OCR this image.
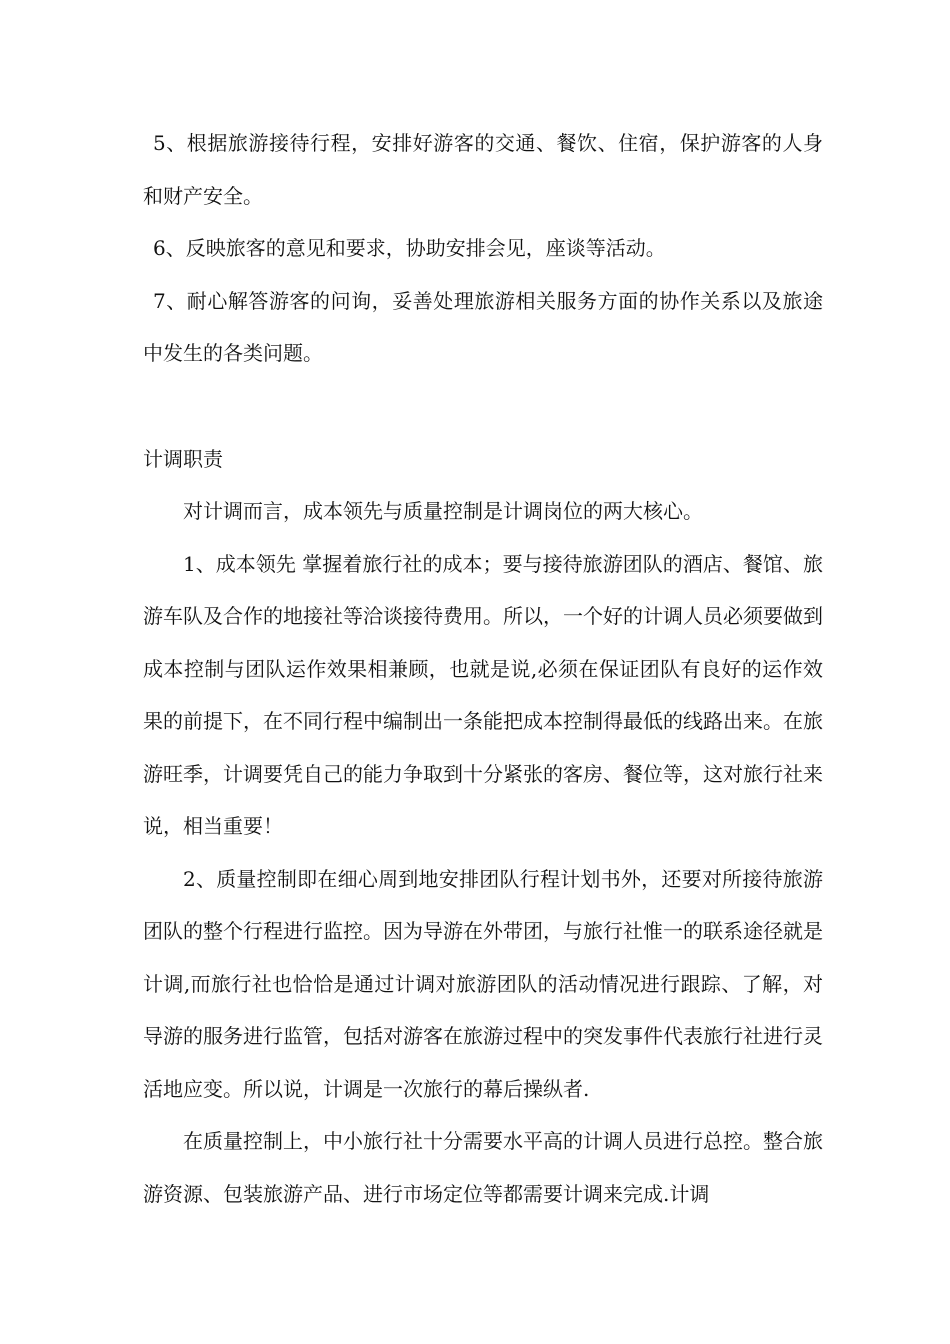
5、根据旅游接待行程，安排好游客的交通、餐饮、住宿，保护游客的人身和财产安全。

6、反映旅客的意见和要求，协助安排会见，座谈等活动。

7、耐心解答游客的问询，妥善处理旅游相关服务方面的协作关系以及旅途中发生的各类问题。

计调职责

对计调而言，成本领先与质量控制是计调岗位的两大核心。

1、成本领先 掌握着旅行社的成本；要与接待旅游团队的酒店、餐馆、旅游车队及合作的地接社等洽谈接待费用。所以，一个好的计调人员必须要做到成本控制与团队运作效果相兼顾，也就是说,必须在保证团队有良好的运作效果的前提下，在不同行程中编制出一条能把成本控制得最低的线路出来。在旅游旺季，计调要凭自己的能力争取到十分紧张的客房、餐位等，这对旅行社来说，相当重要！

2、质量控制即在细心周到地安排团队行程计划书外，还要对所接待旅游团队的整个行程进行监控。因为导游在外带团，与旅行社惟一的联系途径就是计调,而旅行社也恰恰是通过计调对旅游团队的活动情况进行跟踪、了解，对导游的服务进行监管，包括对游客在旅游过程中的突发事件代表旅行社进行灵活地应变。所以说，计调是一次旅行的幕后操纵者.

在质量控制上，中小旅行社十分需要水平高的计调人员进行总控。整合旅游资源、包装旅游产品、进行市场定位等都需要计调来完成.计调
